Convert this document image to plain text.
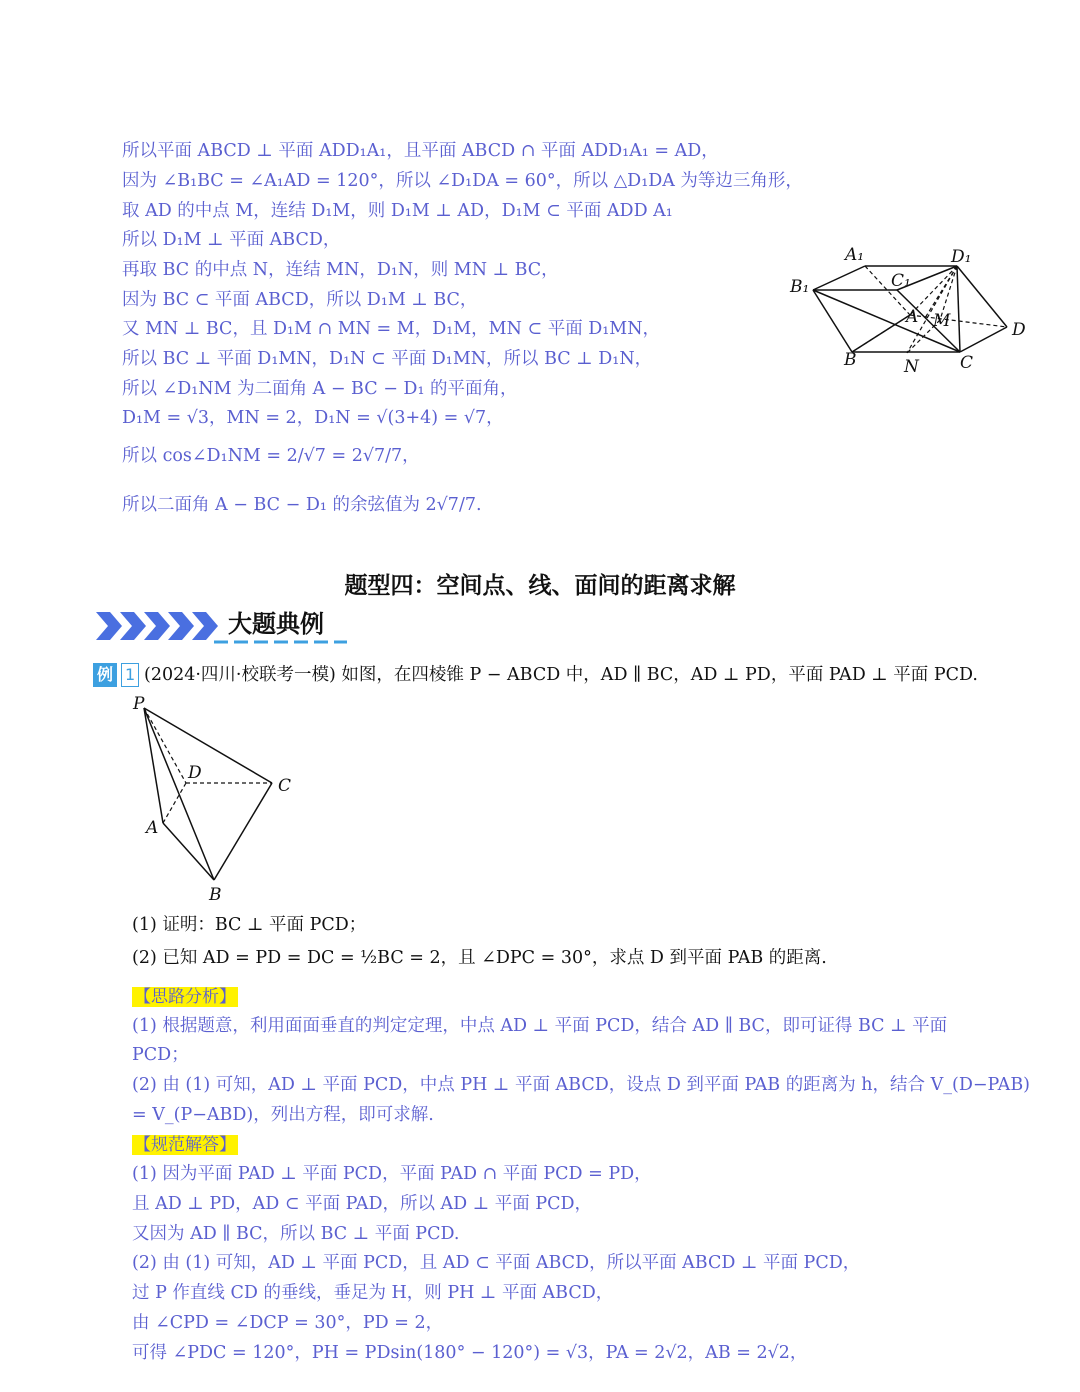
所以平面 ABCD ⊥ 平面 ADD₁A₁，且平面 ABCD ∩ 平面 ADD₁A₁ = AD，
因为 ∠B₁BC = ∠A₁AD = 120°，所以 ∠D₁DA = 60°，所以 △D₁DA 为等边三角形，
取 AD 的中点 M，连结 D₁M，则 D₁M ⊥ AD，D₁M ⊂ 平面 ADD A₁
所以 D₁M ⊥ 平面 ABCD，
再取 BC 的中点 N，连结 MN，D₁N，则 MN ⊥ BC，
因为 BC ⊂ 平面 ABCD，所以 D₁M ⊥ BC，
又 MN ⊥ BC，且 D₁M ∩ MN = M，D₁M，MN ⊂ 平面 D₁MN，
所以 BC ⊥ 平面 D₁MN，D₁N ⊂ 平面 D₁MN，所以 BC ⊥ D₁N，
所以 ∠D₁NM 为二面角 A − BC − D₁ 的平面角，
D₁M = √3，MN = 2，D₁N = √(3+4) = √7，
所以 cos∠D₁NM = 2/√7 = 2√7/7，
所以二面角 A − BC − D₁ 的余弦值为 2√7/7.
A₁	D₁
C₁
B₁
A M	D
B	N C
题型四：空间点、线、面间的距离求解
大题典例
例 1 (2024·四川·校联考一模) 如图，在四棱锥 P − ABCD 中，AD ∥ BC，AD ⊥ PD，平面 PAD ⊥ 平面 PCD.
P
D
C
A
B
(1) 证明：BC ⊥ 平面 PCD；
(2) 已知 AD = PD = DC = ½BC = 2，且 ∠DPC = 30°，求点 D 到平面 PAB 的距离.
【思路分析】
(1) 根据题意，利用面面垂直的判定定理，中点 AD ⊥ 平面 PCD，结合 AD ∥ BC，即可证得 BC ⊥ 平面
PCD；
(2) 由 (1) 可知，AD ⊥ 平面 PCD，中点 PH ⊥ 平面 ABCD，设点 D 到平面 PAB 的距离为 h，结合 V_(D−PAB)
= V_(P−ABD)，列出方程，即可求解.
【规范解答】
(1) 因为平面 PAD ⊥ 平面 PCD，平面 PAD ∩ 平面 PCD = PD，
且 AD ⊥ PD，AD ⊂ 平面 PAD，所以 AD ⊥ 平面 PCD，
又因为 AD ∥ BC，所以 BC ⊥ 平面 PCD.
(2) 由 (1) 可知，AD ⊥ 平面 PCD，且 AD ⊂ 平面 ABCD，所以平面 ABCD ⊥ 平面 PCD，
过 P 作直线 CD 的垂线，垂足为 H，则 PH ⊥ 平面 ABCD，
由 ∠CPD = ∠DCP = 30°，PD = 2，
可得 ∠PDC = 120°，PH = PDsin(180° − 120°) = √3，PA = 2√2，AB = 2√2，
